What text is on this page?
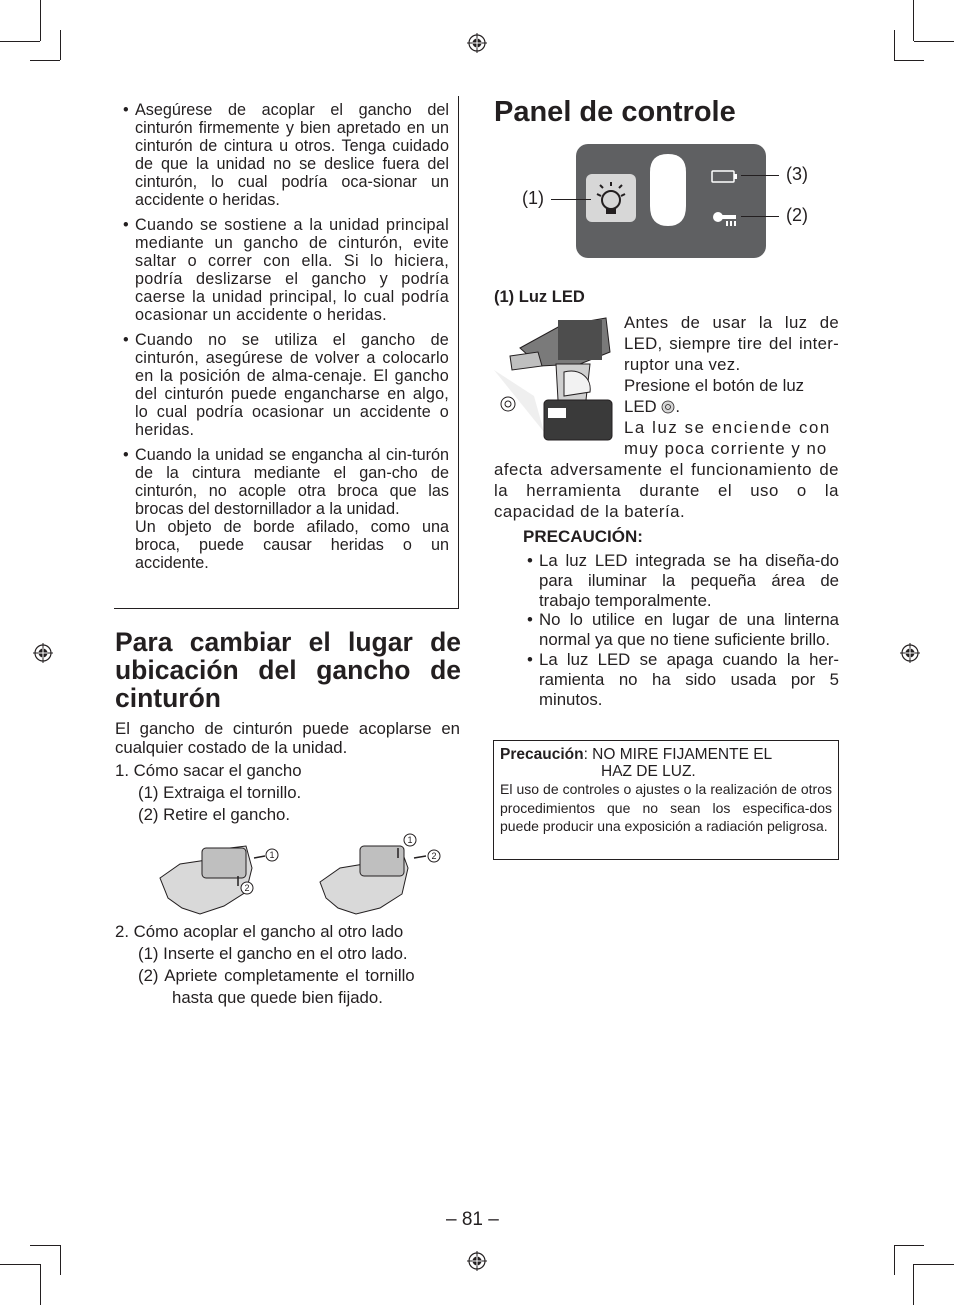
• Asegúrese de acoplar el gancho del cinturón firmemente y bien apretado en un cinturón de cintura u otros. Tenga cuidado de que la unidad no se deslice fuera del cinturón, lo cual podría oca-sionar un accidente o heridas.
• Cuando se sostiene a la unidad principal mediante un gancho de cinturón, evite saltar o correr con ella. Si lo hiciera, podría deslizarse el gancho y podría caerse la unidad principal, lo cual podría ocasionar un accidente o heridas.
• Cuando no se utiliza el gancho de cinturón, asegúrese de volver a colocarlo en la posición de alma-cenaje. El gancho del cinturón puede engancharse en algo, lo cual podría ocasionar un accidente o heridas.
• Cuando la unidad se engancha al cin-turón de la cintura mediante el gan-cho de cinturón, no acople otra broca que las brocas del destornillador a la unidad.
Un objeto de borde afilado, como una broca, puede causar heridas o un accidente.
Para cambiar el lugar de ubicación del gancho de cinturón

El gancho de cinturón puede acoplarse en cualquier costado de la unidad.

1. Cómo sacar el gancho

(1) Extraiga el tornillo.

(2) Retire el gancho.

1
2
2
1

2. Cómo acoplar el gancho al otro lado

(1) Inserte el gancho en el otro lado.

(2) Apriete completamente el tornillo

hasta que quede bien fijado.

Panel de controle
(1)
(3)
(2)

(1) Luz LED

Antes de usar la luz de LED, siempre tire del inter-ruptor una vez.

Presione el botón de luz
LED .

La luz se enciende con

muy poca corriente y no

afecta adversamente el funcionamiento de la herramienta durante el uso o la capacidad de la batería.

PRECAUCIÓN:

• La luz LED integrada se ha diseña-do para iluminar la pequeña área de trabajo temporalmente.
• No lo utilice en lugar de una linterna normal ya que no tiene suficiente brillo.
• La luz LED se apaga cuando la her-ramienta no ha sido usada por 5 minutos.
Precaución: NO MIRE FIJAMENTE EL
HAZ DE LUZ.
El uso de controles o ajustes o la realización de otros procedimientos que no sean los especifica-dos puede producir una exposición a radiación peligrosa.
– 81 –
